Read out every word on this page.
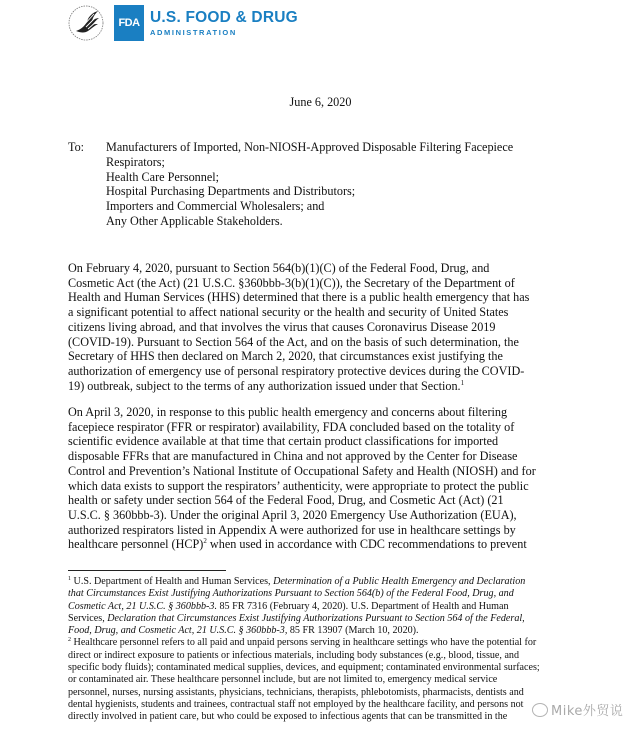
FDA U.S. FOOD & DRUG
ADMINISTRATION
June 6, 2020
To:	Manufacturers of Imported, Non-NIOSH-Approved Disposable Filtering Facepiece
Respirators;
Health Care Personnel;
Hospital Purchasing Departments and Distributors;
Importers and Commercial Wholesalers; and
Any Other Applicable Stakeholders.
On February 4, 2020, pursuant to Section 564(b)(1)(C) of the Federal Food, Drug, and
Cosmetic Act (the Act) (21 U.S.C. §360bbb-3(b)(1)(C)), the Secretary of the Department of
Health and Human Services (HHS) determined that there is a public health emergency that has
a significant potential to affect national security or the health and security of United States
citizens living abroad, and that involves the virus that causes Coronavirus Disease 2019
(COVID-19). Pursuant to Section 564 of the Act, and on the basis of such determination, the
Secretary of HHS then declared on March 2, 2020, that circumstances exist justifying the
authorization of emergency use of personal respiratory protective devices during the COVID-
19) outbreak, subject to the terms of any authorization issued under that Section.$^1$
On April 3, 2020, in response to this public health emergency and concerns about filtering
facepiece respirator (FFR or respirator) availability, FDA concluded based on the totality of
scientific evidence available at that time that certain product classifications for imported
disposable FFRs that are manufactured in China and not approved by the Center for Disease
Control and Prevention’s National Institute of Occupational Safety and Health (NIOSH) and for
which data exists to support the respirators’ authenticity, were appropriate to protect the public
health or safety under section 564 of the Federal Food, Drug, and Cosmetic Act (Act) (21
U.S.C. § 360bbb-3). Under the original April 3, 2020 Emergency Use Authorization (EUA),
authorized respirators listed in Appendix A were authorized for use in healthcare settings by
healthcare personnel (HCP)$^2$ when used in accordance with CDC recommendations to prevent
$^1$ U.S. Department of Health and Human Services, Determination of a Public Health Emergency and Declaration
that Circumstances Exist Justifying Authorizations Pursuant to Section 564(b) of the Federal Food, Drug, and
Cosmetic Act, 21 U.S.C. § 360bbb-3. 85 FR 7316 (February 4, 2020). U.S. Department of Health and Human
Services, Declaration that Circumstances Exist Justifying Authorizations Pursuant to Section 564 of the Federal,
Food, Drug, and Cosmetic Act, 21 U.S.C. § 360bbb-3, 85 FR 13907 (March 10, 2020).
$^2$ Healthcare personnel refers to all paid and unpaid persons serving in healthcare settings who have the potential for
direct or indirect exposure to patients or infectious materials, including body substances (e.g., blood, tissue, and
specific body fluids); contaminated medical supplies, devices, and equipment; contaminated environmental surfaces;
or contaminated air. These healthcare personnel include, but are not limited to, emergency medical service
personnel, nurses, nursing assistants, physicians, technicians, therapists, phlebotomists, pharmacists, dentists and
dental hygienists, students and trainees, contractual staff not employed by the healthcare facility, and persons not
directly involved in patient care, but who could be exposed to infectious agents that can be transmitted in the	Mike外贸说
